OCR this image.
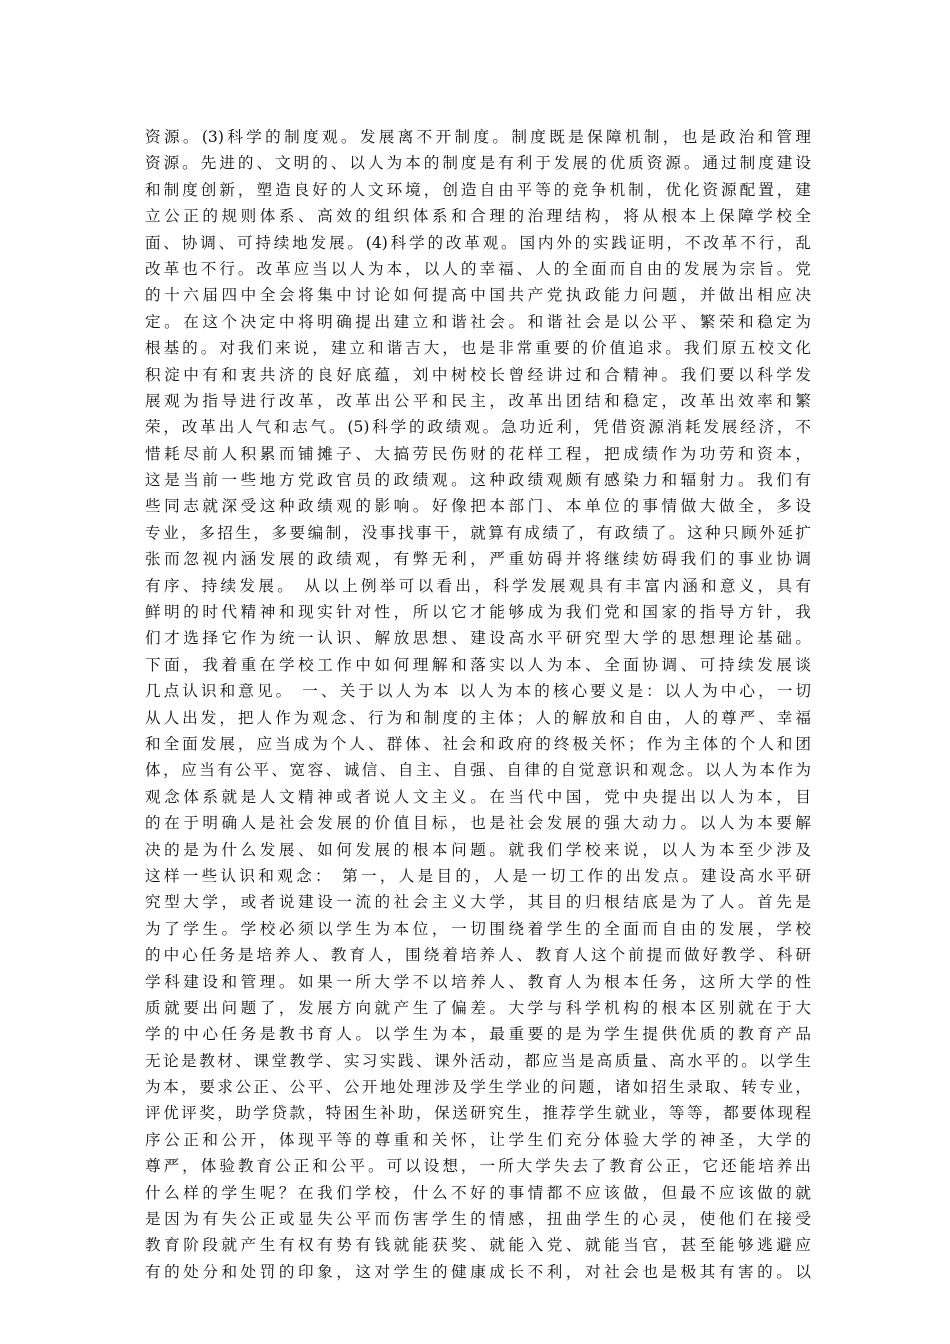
资源。(3)科学的制度观。发展离不开制度。制度既是保障机制，也是政治和管理
资源。先进的、文明的、以人为本的制度是有利于发展的优质资源。通过制度建设
和制度创新，塑造良好的人文环境，创造自由平等的竞争机制，优化资源配置，建
立公正的规则体系、高效的组织体系和合理的治理结构，将从根本上保障学校全
面、协调、可持续地发展。(4)科学的改革观。国内外的实践证明，不改革不行，乱
改革也不行。改革应当以人为本，以人的幸福、人的全面而自由的发展为宗旨。党
的十六届四中全会将集中讨论如何提高中国共产党执政能力问题，并做出相应决
定。在这个决定中将明确提出建立和谐社会。和谐社会是以公平、繁荣和稳定为
根基的。对我们来说，建立和谐吉大，也是非常重要的价值追求。我们原五校文化
积淀中有和衷共济的良好底蕴，刘中树校长曾经讲过和合精神。我们要以科学发
展观为指导进行改革，改革出公平和民主，改革出团结和稳定，改革出效率和繁
荣，改革出人气和志气。(5)科学的政绩观。急功近利，凭借资源消耗发展经济，不
惜耗尽前人积累而铺摊子、大搞劳民伤财的花样工程，把成绩作为功劳和资本，
这是当前一些地方党政官员的政绩观。这种政绩观颇有感染力和辐射力。我们有
些同志就深受这种政绩观的影响。好像把本部门、本单位的事情做大做全，多设
专业，多招生，多要编制，没事找事干，就算有成绩了，有政绩了。这种只顾外延扩
张而忽视内涵发展的政绩观，有弊无利，严重妨碍并将继续妨碍我们的事业协调
有序、持续发展。 从以上例举可以看出，科学发展观具有丰富内涵和意义，具有
鲜明的时代精神和现实针对性，所以它才能够成为我们党和国家的指导方针，我
们才选择它作为统一认识、解放思想、建设高水平研究型大学的思想理论基础。
下面，我着重在学校工作中如何理解和落实以人为本、全面协调、可持续发展谈
几点认识和意见。 一、关于以人为本 以人为本的核心要义是：以人为中心，一切
从人出发，把人作为观念、行为和制度的主体；人的解放和自由，人的尊严、幸福
和全面发展，应当成为个人、群体、社会和政府的终极关怀；作为主体的个人和团
体，应当有公平、宽容、诚信、自主、自强、自律的自觉意识和观念。以人为本作为
观念体系就是人文精神或者说人文主义。在当代中国，党中央提出以人为本，目
的在于明确人是社会发展的价值目标，也是社会发展的强大动力。以人为本要解
决的是为什么发展、如何发展的根本问题。就我们学校来说，以人为本至少涉及
这样一些认识和观念： 第一，人是目的，人是一切工作的出发点。建设高水平研
究型大学，或者说建设一流的社会主义大学，其目的归根结底是为了人。首先是
为了学生。学校必须以学生为本位，一切围绕着学生的全面而自由的发展，学校
的中心任务是培养人、教育人，围绕着培养人、教育人这个前提而做好教学、科研
学科建设和管理。如果一所大学不以培养人、教育人为根本任务，这所大学的性
质就要出问题了，发展方向就产生了偏差。大学与科学机构的根本区别就在于大
学的中心任务是教书育人。以学生为本，最重要的是为学生提供优质的教育产品
无论是教材、课堂教学、实习实践、课外活动，都应当是高质量、高水平的。以学生
为本，要求公正、公平、公开地处理涉及学生学业的问题，诸如招生录取、转专业，
评优评奖，助学贷款，特困生补助，保送研究生，推荐学生就业，等等，都要体现程
序公正和公开，体现平等的尊重和关怀，让学生们充分体验大学的神圣，大学的
尊严，体验教育公正和公平。可以设想，一所大学失去了教育公正，它还能培养出
什么样的学生呢？在我们学校，什么不好的事情都不应该做，但最不应该做的就
是因为有失公正或显失公平而伤害学生的情感，扭曲学生的心灵，使他们在接受
教育阶段就产生有权有势有钱就能获奖、就能入党、就能当官，甚至能够逃避应
有的处分和处罚的印象，这对学生的健康成长不利，对社会也是极其有害的。以
